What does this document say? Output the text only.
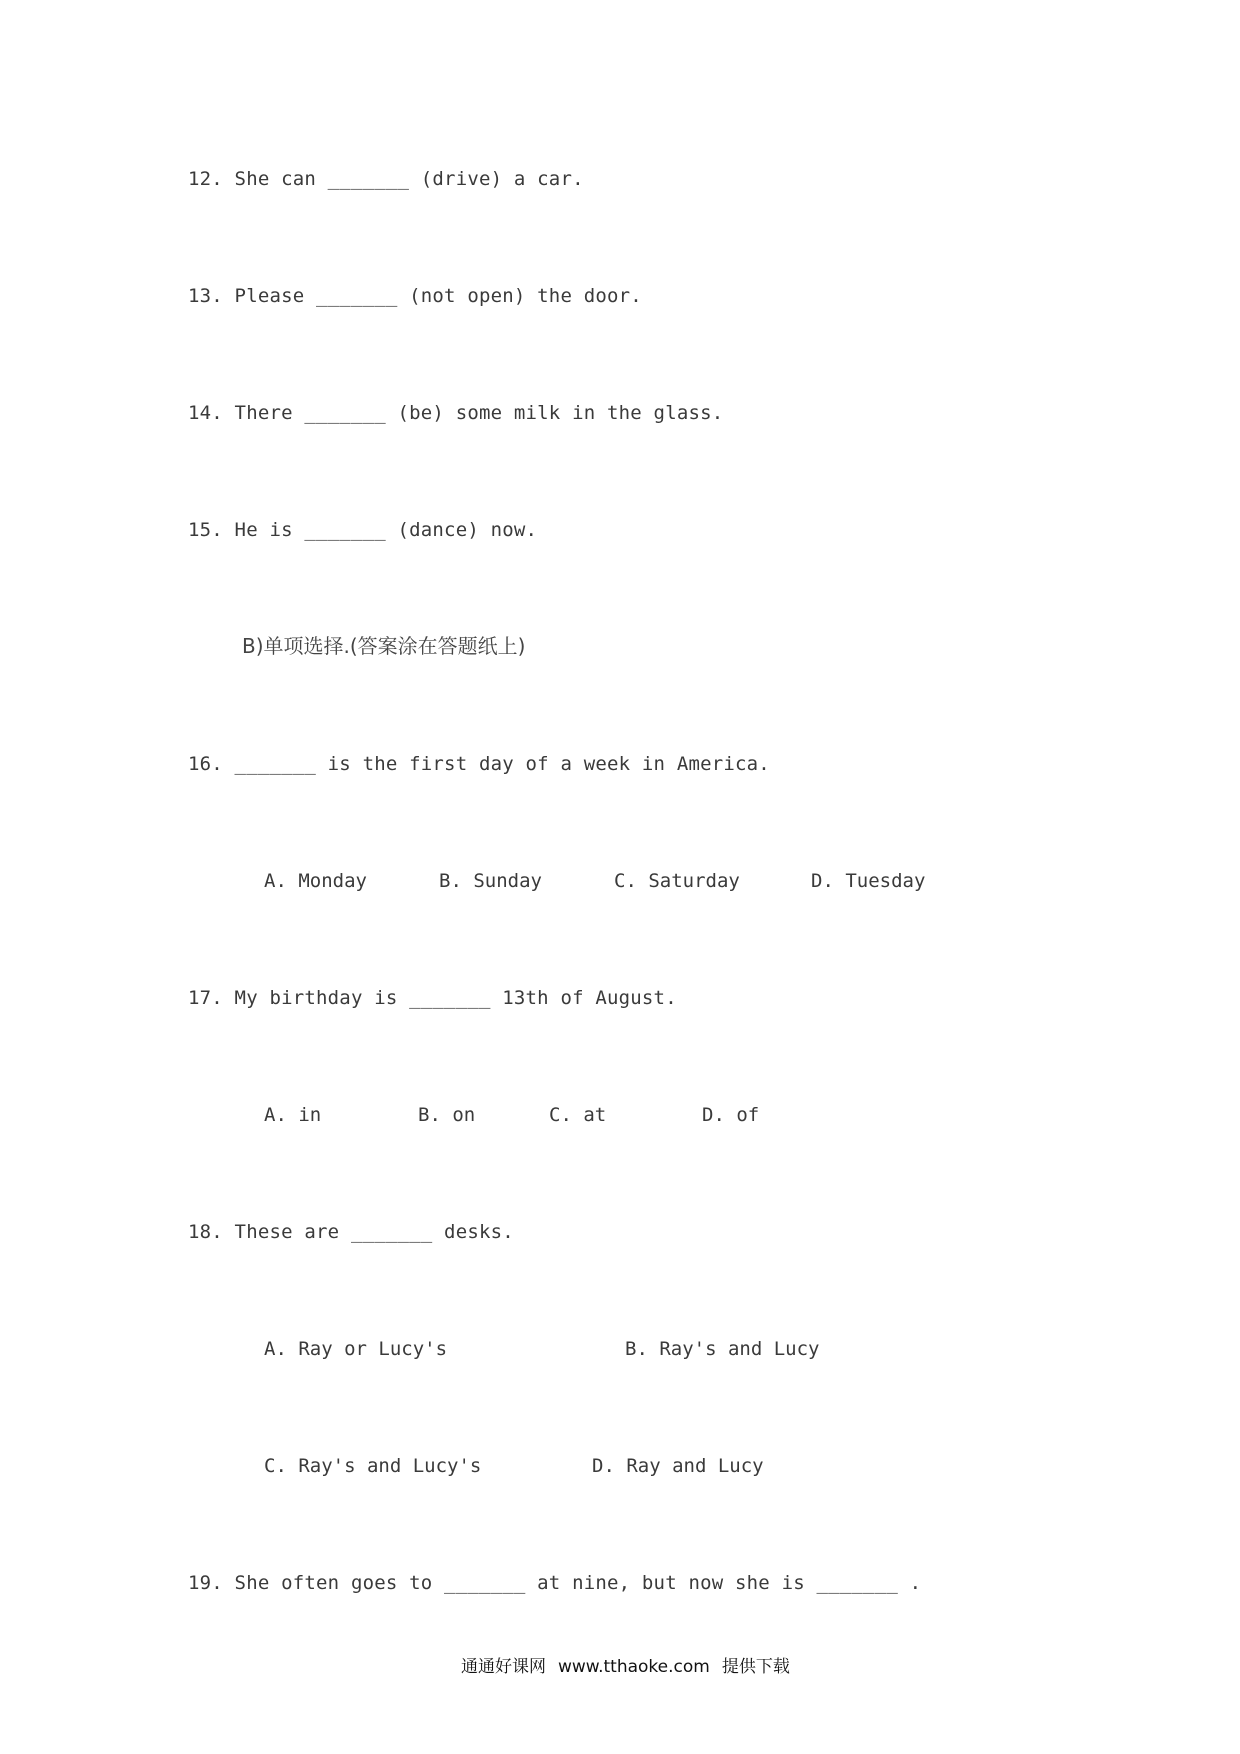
12. She can _______ (drive) a car.
13. Please _______ (not open) the door.
14. There _______ (be) some milk in the glass.
15. He is _______ (dance) now.
B)单项选择.(答案涂在答题纸上)
16. _______ is the first day of a week in America.
A. Monday	B. Sunday	C. Saturday	D. Tuesday
17. My birthday is _______ 13th of August.
A. in	B. on	C. at	D. of
18. These are _______ desks.
A. Ray or Lucy's	B. Ray's and Lucy
C. Ray's and Lucy's	D. Ray and Lucy
19. She often goes to _______ at nine, but now she is _______ .

通通好课网 www.tthaoke.com 提供下载
